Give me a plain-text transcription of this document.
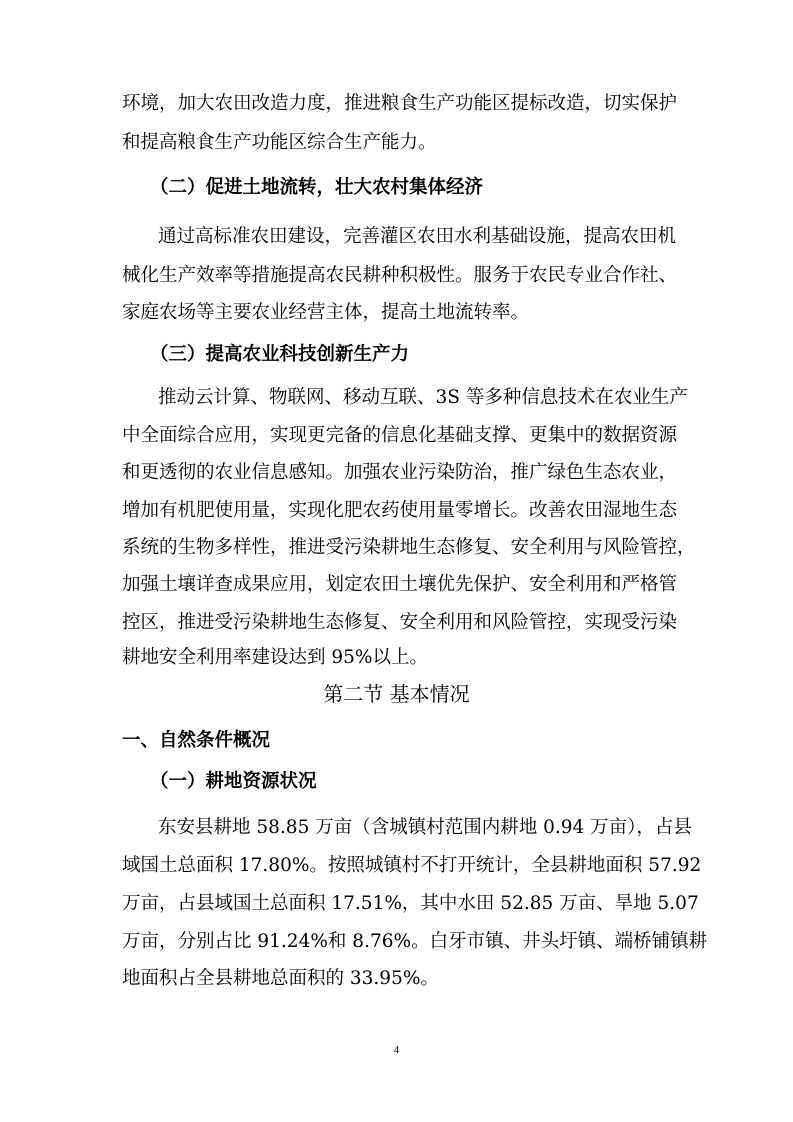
环境，加大农田改造力度，推进粮食生产功能区提标改造，切实保护
和提高粮食生产功能区综合生产能力。
（二）促进土地流转，壮大农村集体经济
通过高标准农田建设，完善灌区农田水利基础设施，提高农田机
械化生产效率等措施提高农民耕种积极性。服务于农民专业合作社、
家庭农场等主要农业经营主体，提高土地流转率。
（三）提高农业科技创新生产力
推动云计算、物联网、移动互联、3S 等多种信息技术在农业生产
中全面综合应用，实现更完备的信息化基础支撑、更集中的数据资源
和更透彻的农业信息感知。加强农业污染防治，推广绿色生态农业，
增加有机肥使用量，实现化肥农药使用量零增长。改善农田湿地生态
系统的生物多样性，推进受污染耕地生态修复、安全利用与风险管控，
加强土壤详查成果应用，划定农田土壤优先保护、安全利用和严格管
控区，推进受污染耕地生态修复、安全利用和风险管控，实现受污染
耕地安全利用率建设达到 95%以上。
第二节 基本情况
一、自然条件概况
（一）耕地资源状况
东安县耕地 58.85 万亩（含城镇村范围内耕地 0.94 万亩），占县
域国土总面积 17.80%。按照城镇村不打开统计，全县耕地面积 57.92
万亩，占县域国土总面积 17.51%，其中水田 52.85 万亩、旱地 5.07
万亩，分别占比 91.24%和 8.76%。白牙市镇、井头圩镇、端桥铺镇耕
地面积占全县耕地总面积的 33.95%。
4
